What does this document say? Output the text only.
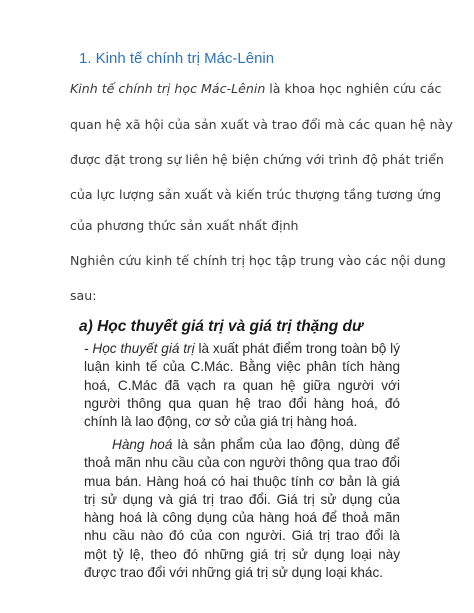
1. Kinh tế chính trị Mác-Lênin
Kinh tế chính trị học Mác-Lênin là khoa học nghiên cứu các
quan hệ xã hội của sản xuất và trao đổi mà các quan hệ này
được đặt trong sự liên hệ biện chứng với trình độ phát triển
của lực lượng sản xuất và kiến trúc thượng tầng tương ứng
của phương thức sản xuất nhất định
Nghiên cứu kinh tế chính trị học tập trung vào các nội dung
sau:
a) Học thuyết giá trị và giá trị thặng dư

- Học thuyết giá trị là xuất phát điểm trong toàn bộ lý luận kinh tế của C.Mác. Bằng việc phân tích hàng hoá, C.Mác đã vạch ra quan hệ giữa người với người thông qua quan hệ trao đổi hàng hoá, đó chính là lao động, cơ sở của giá trị hàng hoá.

Hàng hoá là sản phẩm của lao động, dùng để thoả mãn nhu cầu của con người thông qua trao đổi mua bán. Hàng hoá có hai thuộc tính cơ bản là giá trị sử dụng và giá trị trao đổi. Giá trị sử dụng của hàng hoá là công dụng của hàng hoá để thoả mãn nhu cầu nào đó của con người. Giá trị trao đổi là một tỷ lệ, theo đó những giá trị sử dụng loại này được trao đổi với những giá trị sử dụng loại khác.
